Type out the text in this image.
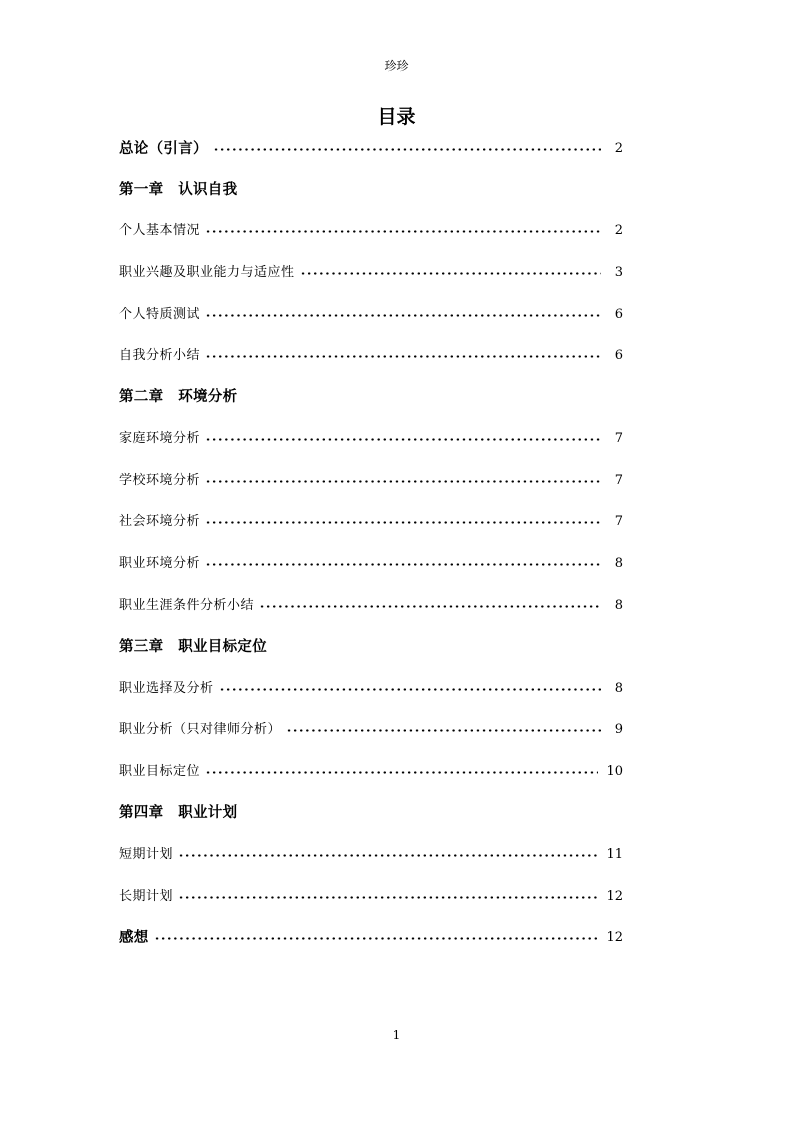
珍珍
目录
总论（引言）	2
第一章　认识自我
个人基本情况	2
职业兴趣及职业能力与适应性	3
个人特质测试	6
自我分析小结	6
第二章　环境分析
家庭环境分析	7
学校环境分析	7
社会环境分析	7
职业环境分析	8
职业生涯条件分析小结	8
第三章　职业目标定位
职业选择及分析	8
职业分析（只对律师分析）	9
职业目标定位	10
第四章　职业计划
短期计划	11
长期计划	12
感想	12
1
